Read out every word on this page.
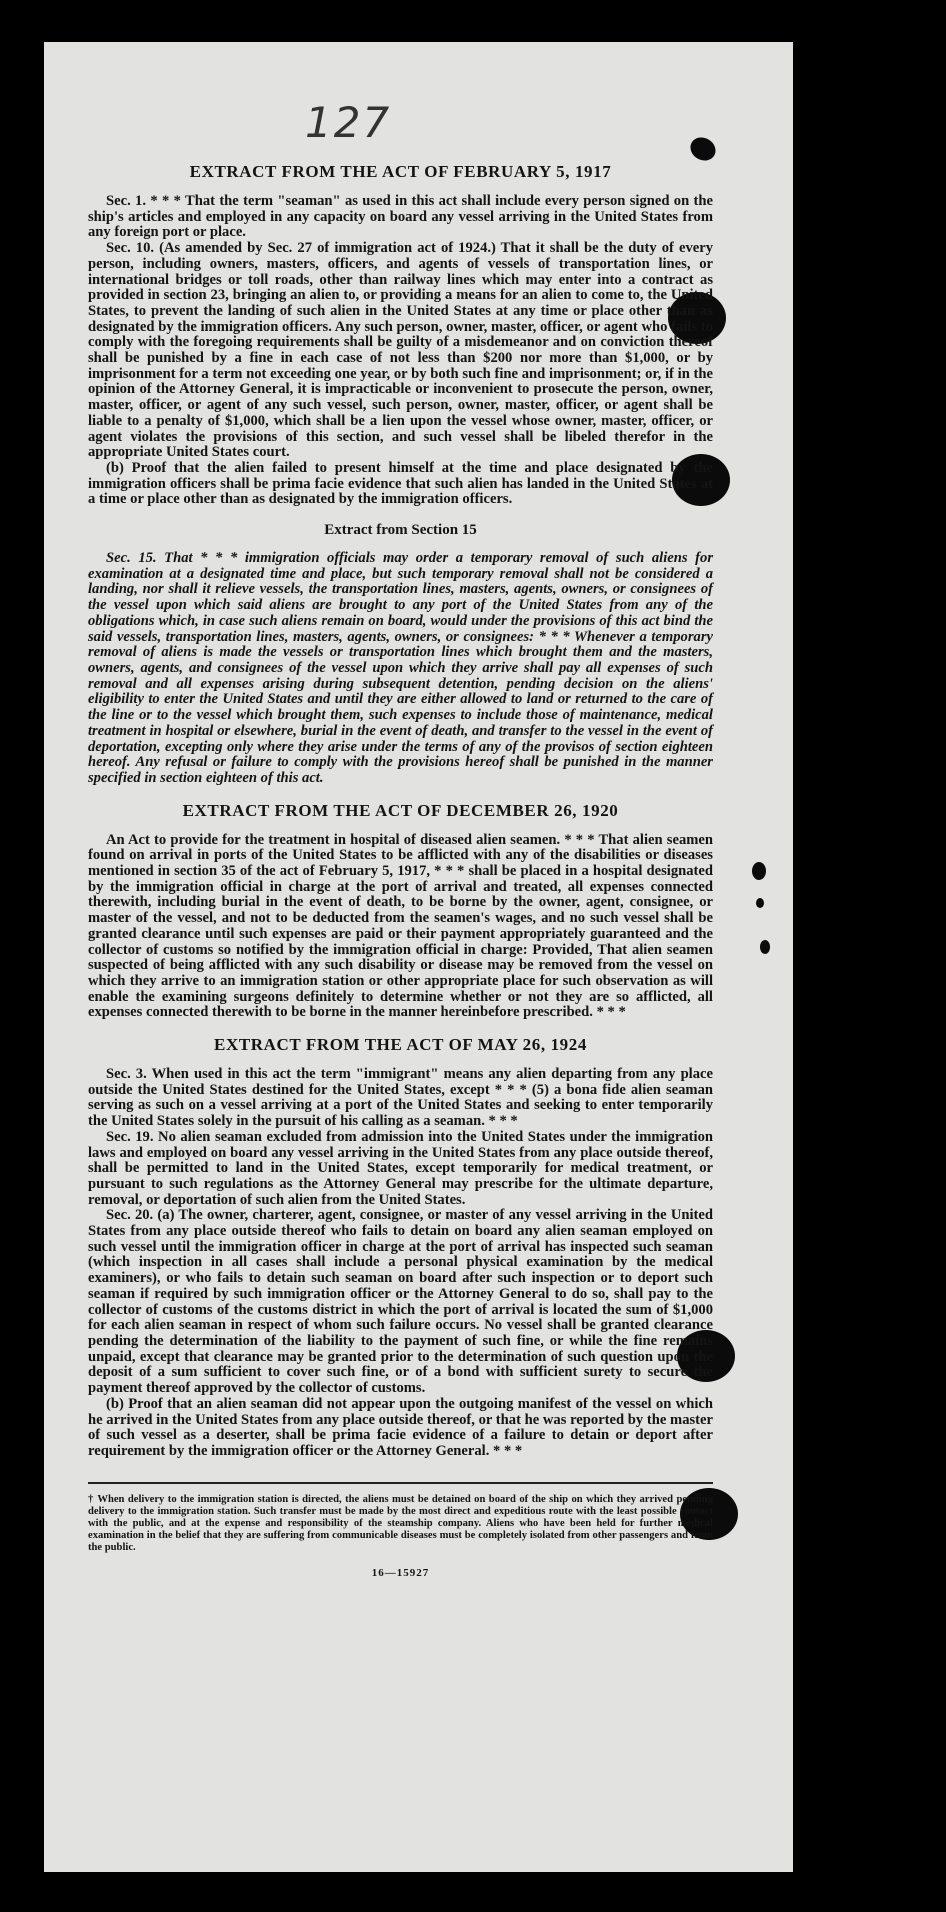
127
EXTRACT FROM THE ACT OF FEBRUARY 5, 1917

Sec. 1. * * * That the term "seaman" as used in this act shall include every person signed on the ship's articles and employed in any capacity on board any vessel arriving in the United States from any foreign port or place.

Sec. 10. (As amended by Sec. 27 of immigration act of 1924.) That it shall be the duty of every person, including owners, masters, officers, and agents of vessels of transportation lines, or international bridges or toll roads, other than railway lines which may enter into a contract as provided in section 23, bringing an alien to, or providing a means for an alien to come to, the United States, to prevent the landing of such alien in the United States at any time or place other than as designated by the immigration officers. Any such person, owner, master, officer, or agent who fails to comply with the foregoing requirements shall be guilty of a misdemeanor and on conviction thereof shall be punished by a fine in each case of not less than $200 nor more than $1,000, or by imprisonment for a term not exceeding one year, or by both such fine and imprisonment; or, if in the opinion of the Attorney General, it is impracticable or inconvenient to prosecute the person, owner, master, officer, or agent of any such vessel, such person, owner, master, officer, or agent shall be liable to a penalty of $1,000, which shall be a lien upon the vessel whose owner, master, officer, or agent violates the provisions of this section, and such vessel shall be libeled therefor in the appropriate United States court.

(b) Proof that the alien failed to present himself at the time and place designated by the immigration officers shall be prima facie evidence that such alien has landed in the United States at a time or place other than as designated by the immigration officers.

Extract from Section 15

Sec. 15. That * * * immigration officials may order a temporary removal of such aliens for examination at a designated time and place, but such temporary removal shall not be considered a landing, nor shall it relieve vessels, the transportation lines, masters, agents, owners, or consignees of the vessel upon which said aliens are brought to any port of the United States from any of the obligations which, in case such aliens remain on board, would under the provisions of this act bind the said vessels, transportation lines, masters, agents, owners, or consignees: * * * Whenever a temporary removal of aliens is made the vessels or transportation lines which brought them and the masters, owners, agents, and consignees of the vessel upon which they arrive shall pay all expenses of such removal and all expenses arising during subsequent detention, pending decision on the aliens' eligibility to enter the United States and until they are either allowed to land or returned to the care of the line or to the vessel which brought them, such expenses to include those of maintenance, medical treatment in hospital or elsewhere, burial in the event of death, and transfer to the vessel in the event of deportation, excepting only where they arise under the terms of any of the provisos of section eighteen hereof. Any refusal or failure to comply with the provisions hereof shall be punished in the manner specified in section eighteen of this act.

EXTRACT FROM THE ACT OF DECEMBER 26, 1920

An Act to provide for the treatment in hospital of diseased alien seamen. * * * That alien seamen found on arrival in ports of the United States to be afflicted with any of the disabilities or diseases mentioned in section 35 of the act of February 5, 1917, * * * shall be placed in a hospital designated by the immigration official in charge at the port of arrival and treated, all expenses connected therewith, including burial in the event of death, to be borne by the owner, agent, consignee, or master of the vessel, and not to be deducted from the seamen's wages, and no such vessel shall be granted clearance until such expenses are paid or their payment appropriately guaranteed and the collector of customs so notified by the immigration official in charge: Provided, That alien seamen suspected of being afflicted with any such disability or disease may be removed from the vessel on which they arrive to an immigration station or other appropriate place for such observation as will enable the examining surgeons definitely to determine whether or not they are so afflicted, all expenses connected therewith to be borne in the manner hereinbefore prescribed. * * *

EXTRACT FROM THE ACT OF MAY 26, 1924

Sec. 3. When used in this act the term "immigrant" means any alien departing from any place outside the United States destined for the United States, except * * * (5) a bona fide alien seaman serving as such on a vessel arriving at a port of the United States and seeking to enter temporarily the United States solely in the pursuit of his calling as a seaman. * * *

Sec. 19. No alien seaman excluded from admission into the United States under the immigration laws and employed on board any vessel arriving in the United States from any place outside thereof, shall be permitted to land in the United States, except temporarily for medical treatment, or pursuant to such regulations as the Attorney General may prescribe for the ultimate departure, removal, or deportation of such alien from the United States.

Sec. 20. (a) The owner, charterer, agent, consignee, or master of any vessel arriving in the United States from any place outside thereof who fails to detain on board any alien seaman employed on such vessel until the immigration officer in charge at the port of arrival has inspected such seaman (which inspection in all cases shall include a personal physical examination by the medical examiners), or who fails to detain such seaman on board after such inspection or to deport such seaman if required by such immigration officer or the Attorney General to do so, shall pay to the collector of customs of the customs district in which the port of arrival is located the sum of $1,000 for each alien seaman in respect of whom such failure occurs. No vessel shall be granted clearance pending the determination of the liability to the payment of such fine, or while the fine remains unpaid, except that clearance may be granted prior to the determination of such question upon the deposit of a sum sufficient to cover such fine, or of a bond with sufficient surety to secure the payment thereof approved by the collector of customs.

(b) Proof that an alien seaman did not appear upon the outgoing manifest of the vessel on which he arrived in the United States from any place outside thereof, or that he was reported by the master of such vessel as a deserter, shall be prima facie evidence of a failure to detain or deport after requirement by the immigration officer or the Attorney General. * * *

† When delivery to the immigration station is directed, the aliens must be detained on board of the ship on which they arrived pending delivery to the immigration station. Such transfer must be made by the most direct and expeditious route with the least possible contact with the public, and at the expense and responsibility of the steamship company. Aliens who have been held for further medical examination in the belief that they are suffering from communicable diseases must be completely isolated from other passengers and from the public.
16—15927
